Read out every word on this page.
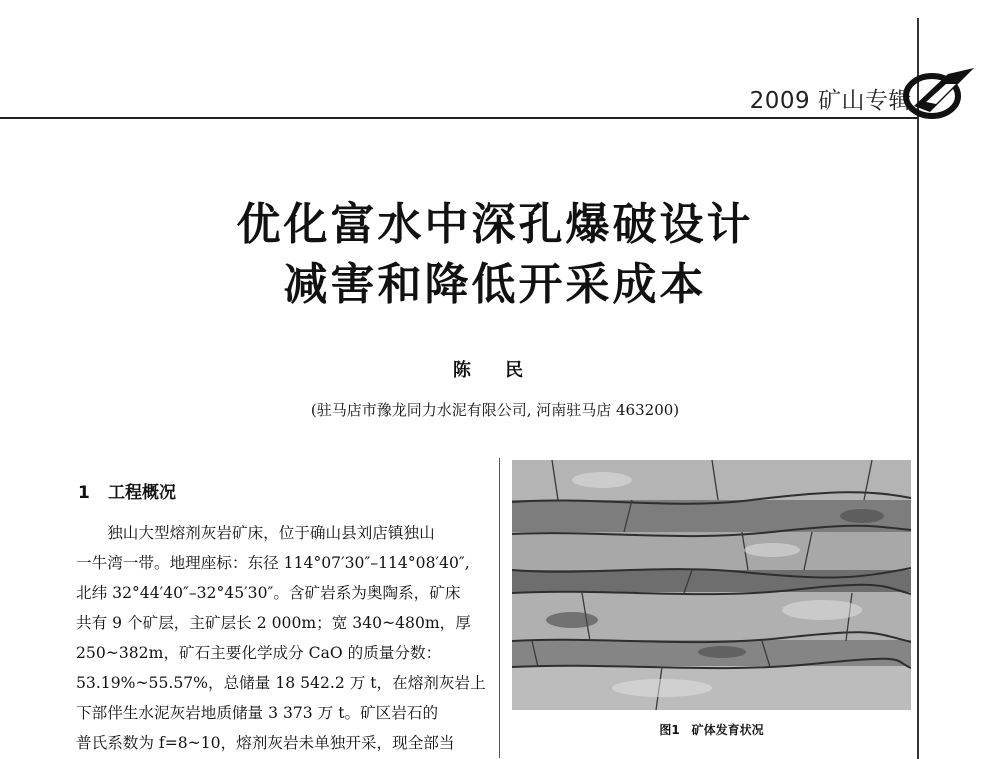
2009 矿山专辑
优化富水中深孔爆破设计
减害和降低开采成本
陈 民
(驻马店市豫龙同力水泥有限公司, 河南驻马店 463200)
1 工程概况

　　独山大型熔剂灰岩矿床，位于确山县刘店镇独山

一牛湾一带。地理座标：东径 114°07′30″–114°08′40″,

北纬 32°44′40″–32°45′30″。含矿岩系为奥陶系，矿床

共有 9 个矿层，主矿层长 2 000m；宽 340~480m，厚

250~382m，矿石主要化学成分 CaO 的质量分数：

53.19%~55.57%，总储量 18 542.2 万 t，在熔剂灰岩上

下部伴生水泥灰岩地质储量 3 373 万 t。矿区岩石的

普氏系数为 f=8~10，熔剂灰岩未单独开采，现全部当

图1　矿体发育状况
